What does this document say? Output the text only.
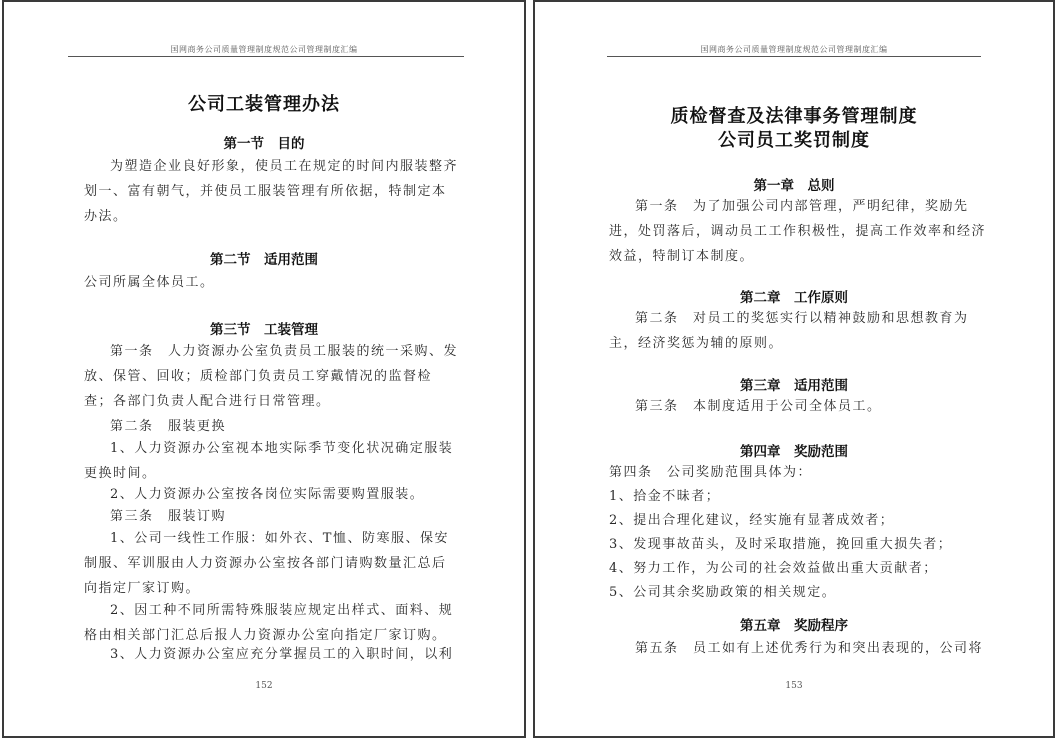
国网商务公司质量管理制度规范公司管理制度汇编
公司工装管理办法
第一节　目的
为塑造企业良好形象，使员工在规定的时间内服装整齐划一、富有朝气，并使员工服装管理有所依据，特制定本办法。
第二节　适用范围
公司所属全体员工。
第三节　工装管理
第一条　人力资源办公室负责员工服装的统一采购、发放、保管、回收；质检部门负责员工穿戴情况的监督检查；各部门负责人配合进行日常管理。
第二条　服装更换
1、人力资源办公室视本地实际季节变化状况确定服装更换时间。
2、人力资源办公室按各岗位实际需要购置服装。
第三条　服装订购
1、公司一线性工作服：如外衣、T恤、防寒服、保安制服、军训服由人力资源办公室按各部门请购数量汇总后向指定厂家订购。
2、因工种不同所需特殊服装应规定出样式、面料、规格由相关部门汇总后报人力资源办公室向指定厂家订购。
3、人力资源办公室应充分掌握员工的入职时间，以利
152
国网商务公司质量管理制度规范公司管理制度汇编
质检督查及法律事务管理制度
公司员工奖罚制度
第一章　总则
第一条　为了加强公司内部管理，严明纪律，奖励先进，处罚落后，调动员工工作积极性，提高工作效率和经济效益，特制订本制度。
第二章　工作原则
第二条　对员工的奖惩实行以精神鼓励和思想教育为主，经济奖惩为辅的原则。
第三章　适用范围
第三条　本制度适用于公司全体员工。
第四章　奖励范围
第四条　公司奖励范围具体为：
1、拾金不昧者；
2、提出合理化建议，经实施有显著成效者；
3、发现事故苗头，及时采取措施，挽回重大损失者；
4、努力工作，为公司的社会效益做出重大贡献者；
5、公司其余奖励政策的相关规定。
第五章　奖励程序
第五条　员工如有上述优秀行为和突出表现的，公司将
153
